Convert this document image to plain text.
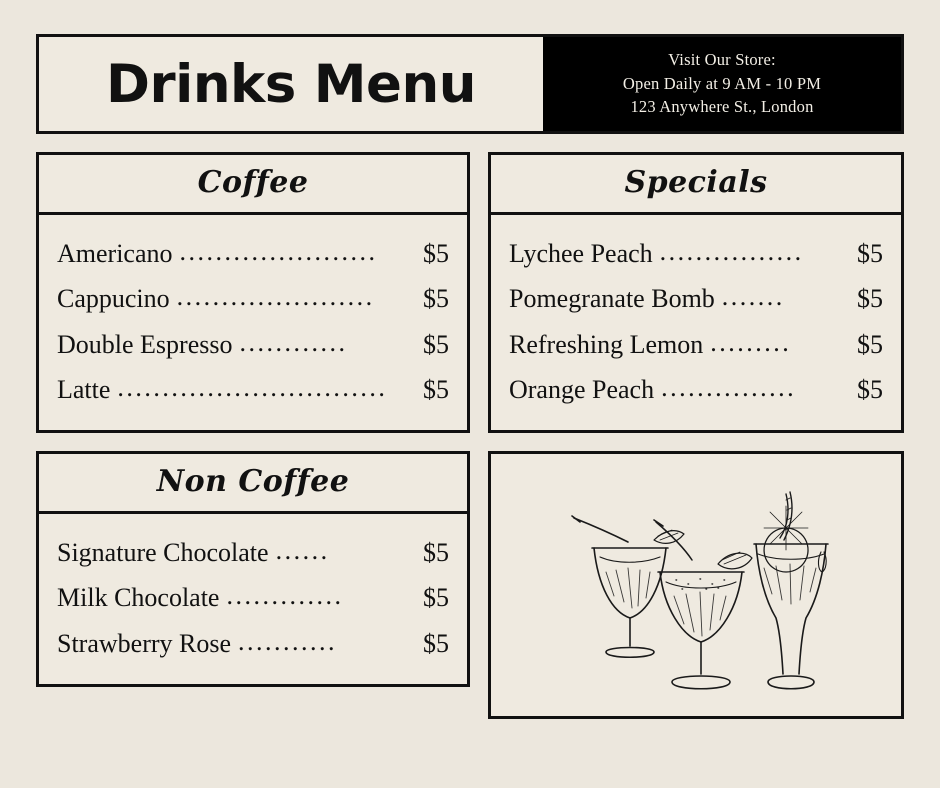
Drinks Menu	Visit Our Store:
Open Daily at 9 AM - 10 PM
123 Anywhere St., London
Coffee
Americano ......................	$5
Cappucino ......................	$5
Double Espresso ............	$5
Latte ..............................	$5
Non Coffee
Signature Chocolate ......	$5
Milk Chocolate .............	$5
Strawberry Rose ...........	$5
Specials
Lychee Peach ................	$5
Pomegranate Bomb .......	$5
Refreshing Lemon .........	$5
Orange Peach ...............	$5
